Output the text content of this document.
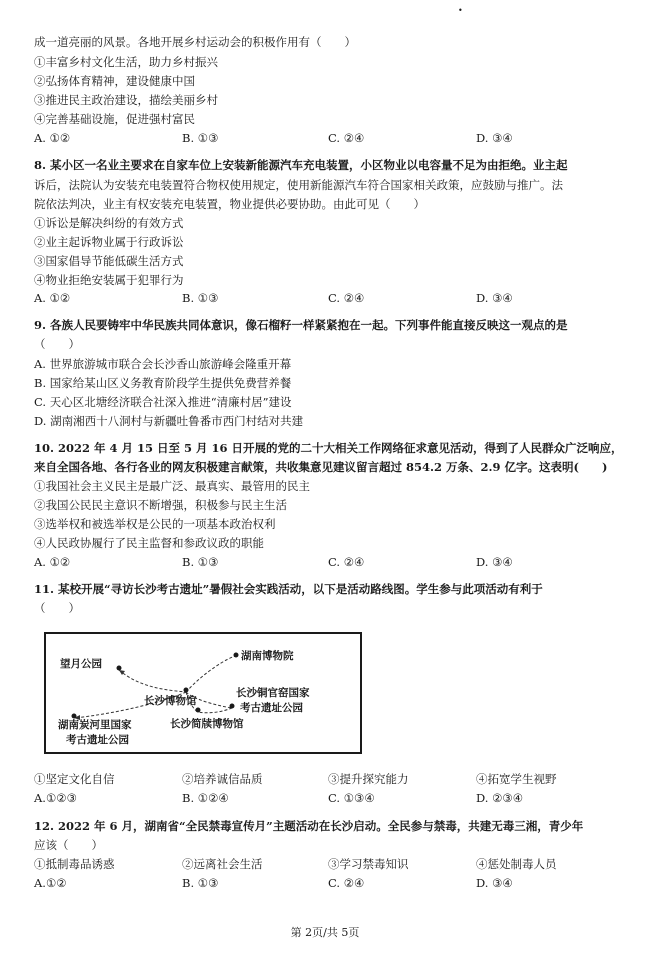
•
成一道亮丽的风景。各地开展乡村运动会的积极作用有（　　）
①丰富乡村文化生活，助力乡村振兴
②弘扬体育精神，建设健康中国
③推进民主政治建设，描绘美丽乡村
④完善基础设施，促进强村富民
A. ①②	B. ①③	C. ②④	D. ③④
8. 某小区一名业主要求在自家车位上安装新能源汽车充电装置，小区物业以电容量不足为由拒绝。业主起
诉后，法院认为安装充电装置符合物权使用规定，使用新能源汽车符合国家相关政策，应鼓励与推广。法
院依法判决，业主有权安装充电装置，物业提供必要协助。由此可见（　　）
①诉讼是解决纠纷的有效方式
②业主起诉物业属于行政诉讼
③国家倡导节能低碳生活方式
④物业拒绝安装属于犯罪行为
A. ①②	B. ①③	C. ②④	D. ③④
9. 各族人民要铸牢中华民族共同体意识，像石榴籽一样紧紧抱在一起。下列事件能直接反映这一观点的是
（　　）
A. 世界旅游城市联合会长沙香山旅游峰会隆重开幕
B. 国家给某山区义务教育阶段学生提供免费营养餐
C. 天心区北塘经济联合社深入推进“清廉村居”建设
D. 湖南湘西十八洞村与新疆吐鲁番市西门村结对共建
10. 2022 年 4 月 15 日至 5 月 16 日开展的党的二十大相关工作网络征求意见活动，得到了人民群众广泛响应，
来自全国各地、各行各业的网友积极建言献策，共收集意见建议留言超过 854.2 万条、2.9 亿字。这表明(　　)
①我国社会主义民主是最广泛、最真实、最管用的民主
②我国公民民主意识不断增强，积极参与民主生活
③选举权和被选举权是公民的一项基本政治权利
④人民政协履行了民主监督和参政议政的职能
A. ①②	B. ①③	C. ②④	D. ③④
11. 某校开展“寻访长沙考古遗址”暑假社会实践活动，以下是活动路线图。学生参与此项活动有利于
（　　）
望月公园
湖南博物院
长沙博物馆
长沙铜官窑国家
考古遗址公园
湖南炭河里国家
考古遗址公园
长沙简牍博物馆
①坚定文化自信	②培养诚信品质	③提升探究能力	④拓宽学生视野
A.①②③	B. ①②④	C. ①③④	D. ②③④
12. 2022 年 6 月，湖南省“全民禁毒宣传月”主题活动在长沙启动。全民参与禁毒，共建无毒三湘，青少年
应该（　　）
①抵制毒品诱惑	②远离社会生活	③学习禁毒知识	④惩处制毒人员
A.①②	B. ①③	C. ②④	D. ③④
第 2页/共 5页
